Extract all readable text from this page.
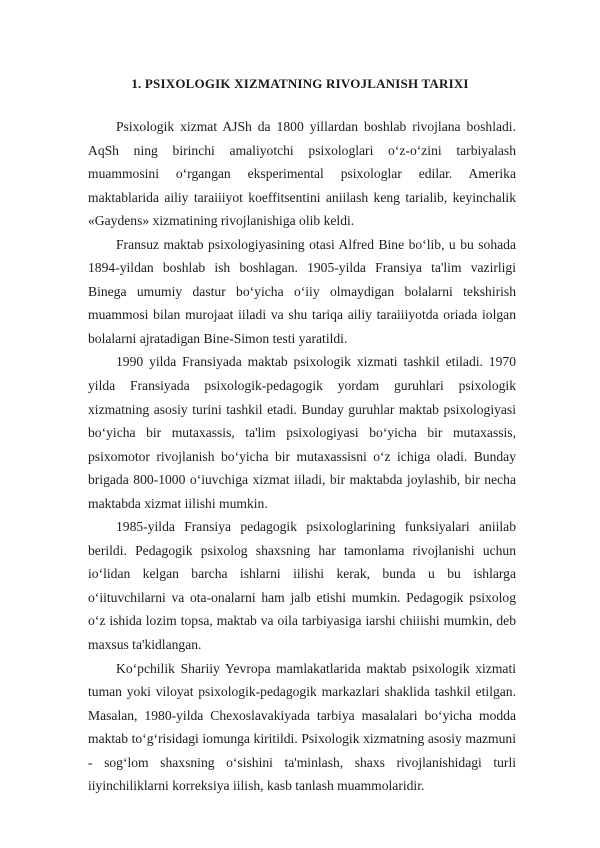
1. PSIXOLOGIK XIZMATNING RIVOJLANISH TARIXI

Psixologik xizmat AJSh da 1800 yillardan boshlab rivojlana boshladi. AqSh ning birinchi amaliyotchi psixologlari o‘z-o‘zini tarbiyalash muammosini o‘rgangan eksperimental psixologlar edilar. Amerika maktablarida ailiy taraiiiyot koeffitsentini aniilash keng tarialib, keyinchalik «Gaydens» xizmatining rivojlanishiga olib keldi.

Fransuz maktab psixologiyasining otasi Alfred Bine bo‘lib, u bu sohada 1894-yildan boshlab ish boshlagan. 1905-yilda Fransiya ta'lim vazirligi Binega umumiy dastur bo‘yicha o‘iiy olmaydigan bolalarni tekshirish muammosi bilan murojaat iiladi va shu tariqa ailiy taraiiiyotda oriada iolgan bolalarni ajratadigan Bine-Simon testi yaratildi.

1990 yilda Fransiyada maktab psixologik xizmati tashkil etiladi. 1970 yilda Fransiyada psixologik-pedagogik yordam guruhlari psixologik xizmatning asosiy turini tashkil etadi. Bunday guruhlar maktab psixologiyasi bo‘yicha bir mutaxassis, ta'lim psixologiyasi bo‘yicha bir mutaxassis, psixomotor rivojlanish bo‘yicha bir mutaxassisni o‘z ichiga oladi. Bunday brigada 800-1000 o‘iuvchiga xizmat iiladi, bir maktabda joylashib, bir necha maktabda xizmat iilishi mumkin.

1985-yilda Fransiya pedagogik psixologlarining funksiyalari aniilab berildi. Pedagogik psixolog shaxsning har tamonlama rivojlanishi uchun io‘lidan kelgan barcha ishlarni iilishi kerak, bunda u bu ishlarga o‘iituvchilarni va ota-onalarni ham jalb etishi mumkin. Pedagogik psixolog o‘z ishida lozim topsa, maktab va oila tarbiyasiga iarshi chiiishi mumkin, deb maxsus ta'kidlangan.

Ko‘pchilik Shariiy Yevropa mamlakatlarida maktab psixologik xizmati tuman yoki viloyat psixologik-pedagogik markazlari shaklida tashkil etilgan. Masalan, 1980-yilda Chexoslavakiyada tarbiya masalalari bo‘yicha modda maktab to‘g‘risidagi iomunga kiritildi. Psixologik xizmatning asosiy mazmuni - sog‘lom shaxsning o‘sishini ta'minlash, shaxs rivojlanishidagi turli iiyinchiliklarni korreksiya iilish, kasb tanlash muammolaridir.
